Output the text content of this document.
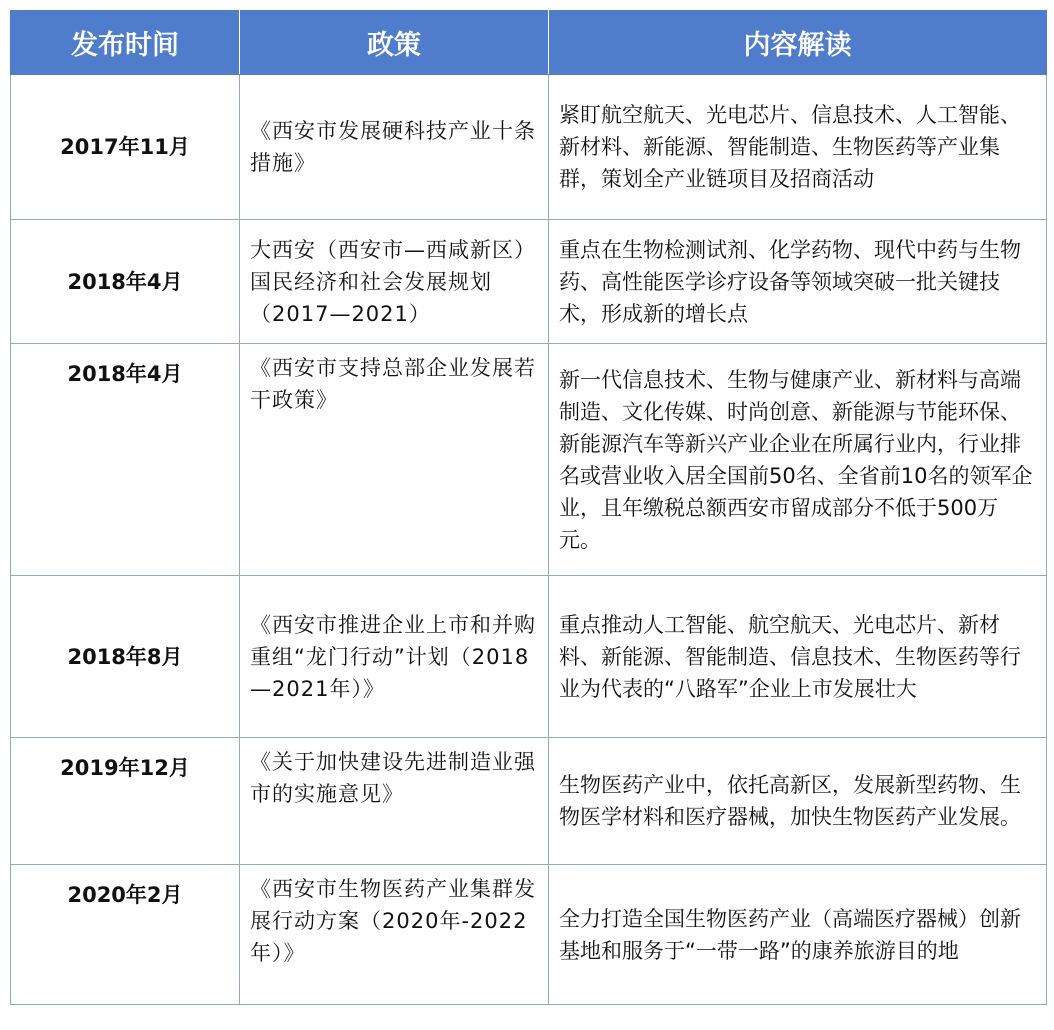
发布时间	政策	内容解读
2017年11月	《西安市发展硬科技产业十条措施》	紧盯航空航天、光电芯片、信息技术、人工智能、新材料、新能源、智能制造、生物医药等产业集群，策划全产业链项目及招商活动
2018年4月	大西安（西安市—西咸新区）国民经济和社会发展规划（2017—2021）	重点在生物检测试剂、化学药物、现代中药与生物药、高性能医学诊疗设备等领域突破一批关键技术，形成新的增长点
2018年4月	《西安市支持总部企业发展若干政策》	新一代信息技术、生物与健康产业、新材料与高端制造、文化传媒、时尚创意、新能源与节能环保、新能源汽车等新兴产业企业在所属行业内，行业排名或营业收入居全国前50名、全省前10名的领军企业，且年缴税总额西安市留成部分不低于500万元。
2018年8月	《西安市推进企业上市和并购重组“龙门行动”计划（2018—2021年）》	重点推动人工智能、航空航天、光电芯片、新材料、新能源、智能制造、信息技术、生物医药等行业为代表的“八路军”企业上市发展壮大
2019年12月	《关于加快建设先进制造业强市的实施意见》	生物医药产业中，依托高新区，发展新型药物、生物医学材料和医疗器械，加快生物医药产业发展。
2020年2月	《西安市生物医药产业集群发展行动方案（2020年-2022年）》	全力打造全国生物医药产业（高端医疗器械）创新基地和服务于“一带一路”的康养旅游目的地
